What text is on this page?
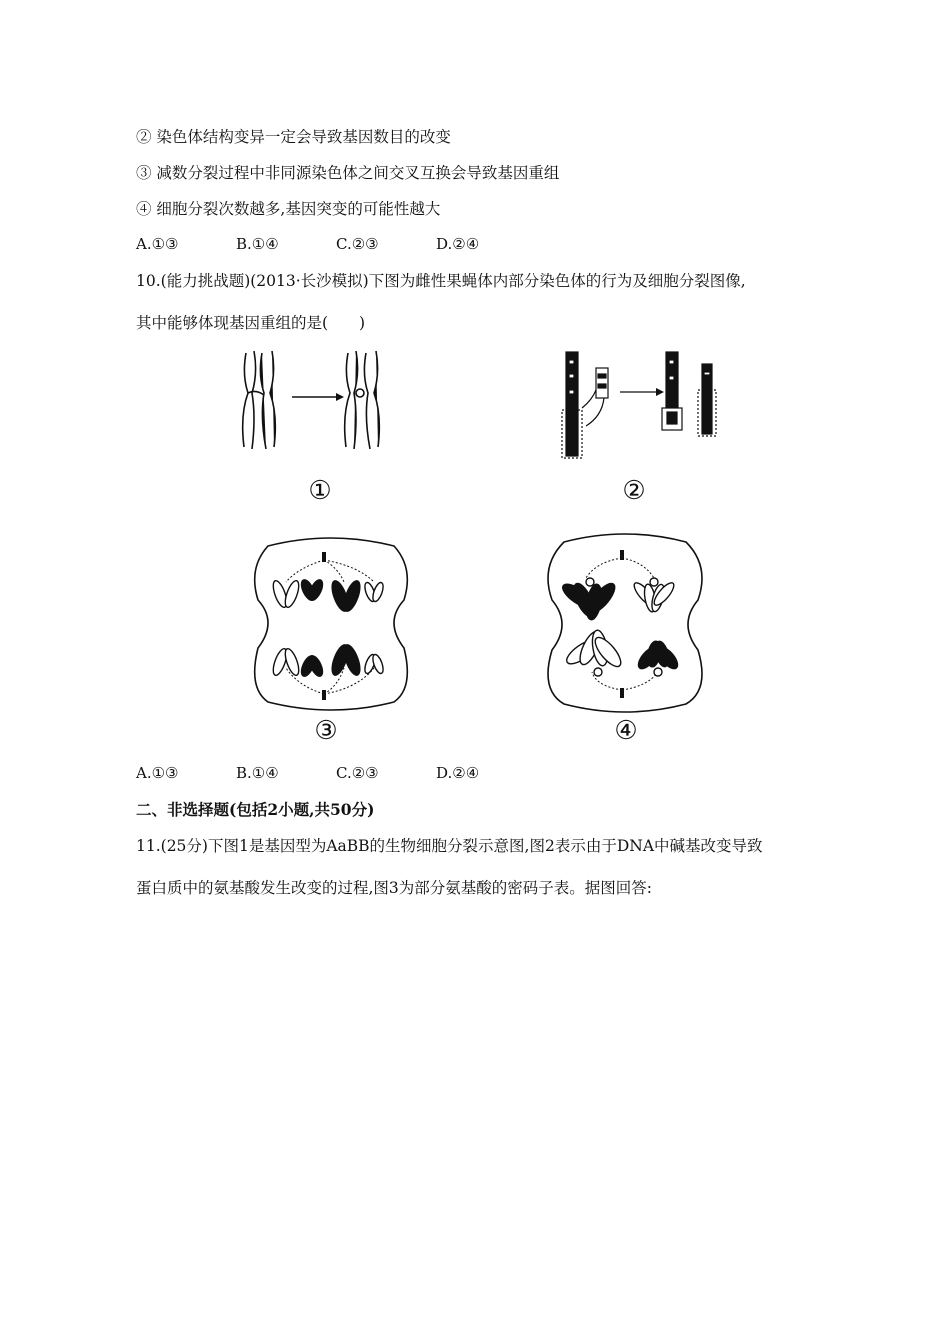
② 染色体结构变异一定会导致基因数目的改变
③ 减数分裂过程中非同源染色体之间交叉互换会导致基因重组
④ 细胞分裂次数越多,基因突变的可能性越大
A.①③	B.①④	C.②③	D.②④
10.(能力挑战题)(2013·长沙模拟)下图为雌性果蝇体内部分染色体的行为及细胞分裂图像,
其中能够体现基因重组的是(　　)
①	②
③	④
A.①③	B.①④	C.②③	D.②④
二、非选择题(包括2小题,共50分)
11.(25分)下图1是基因型为AaBB的生物细胞分裂示意图,图2表示由于DNA中碱基改变导致
蛋白质中的氨基酸发生改变的过程,图3为部分氨基酸的密码子表。据图回答:
